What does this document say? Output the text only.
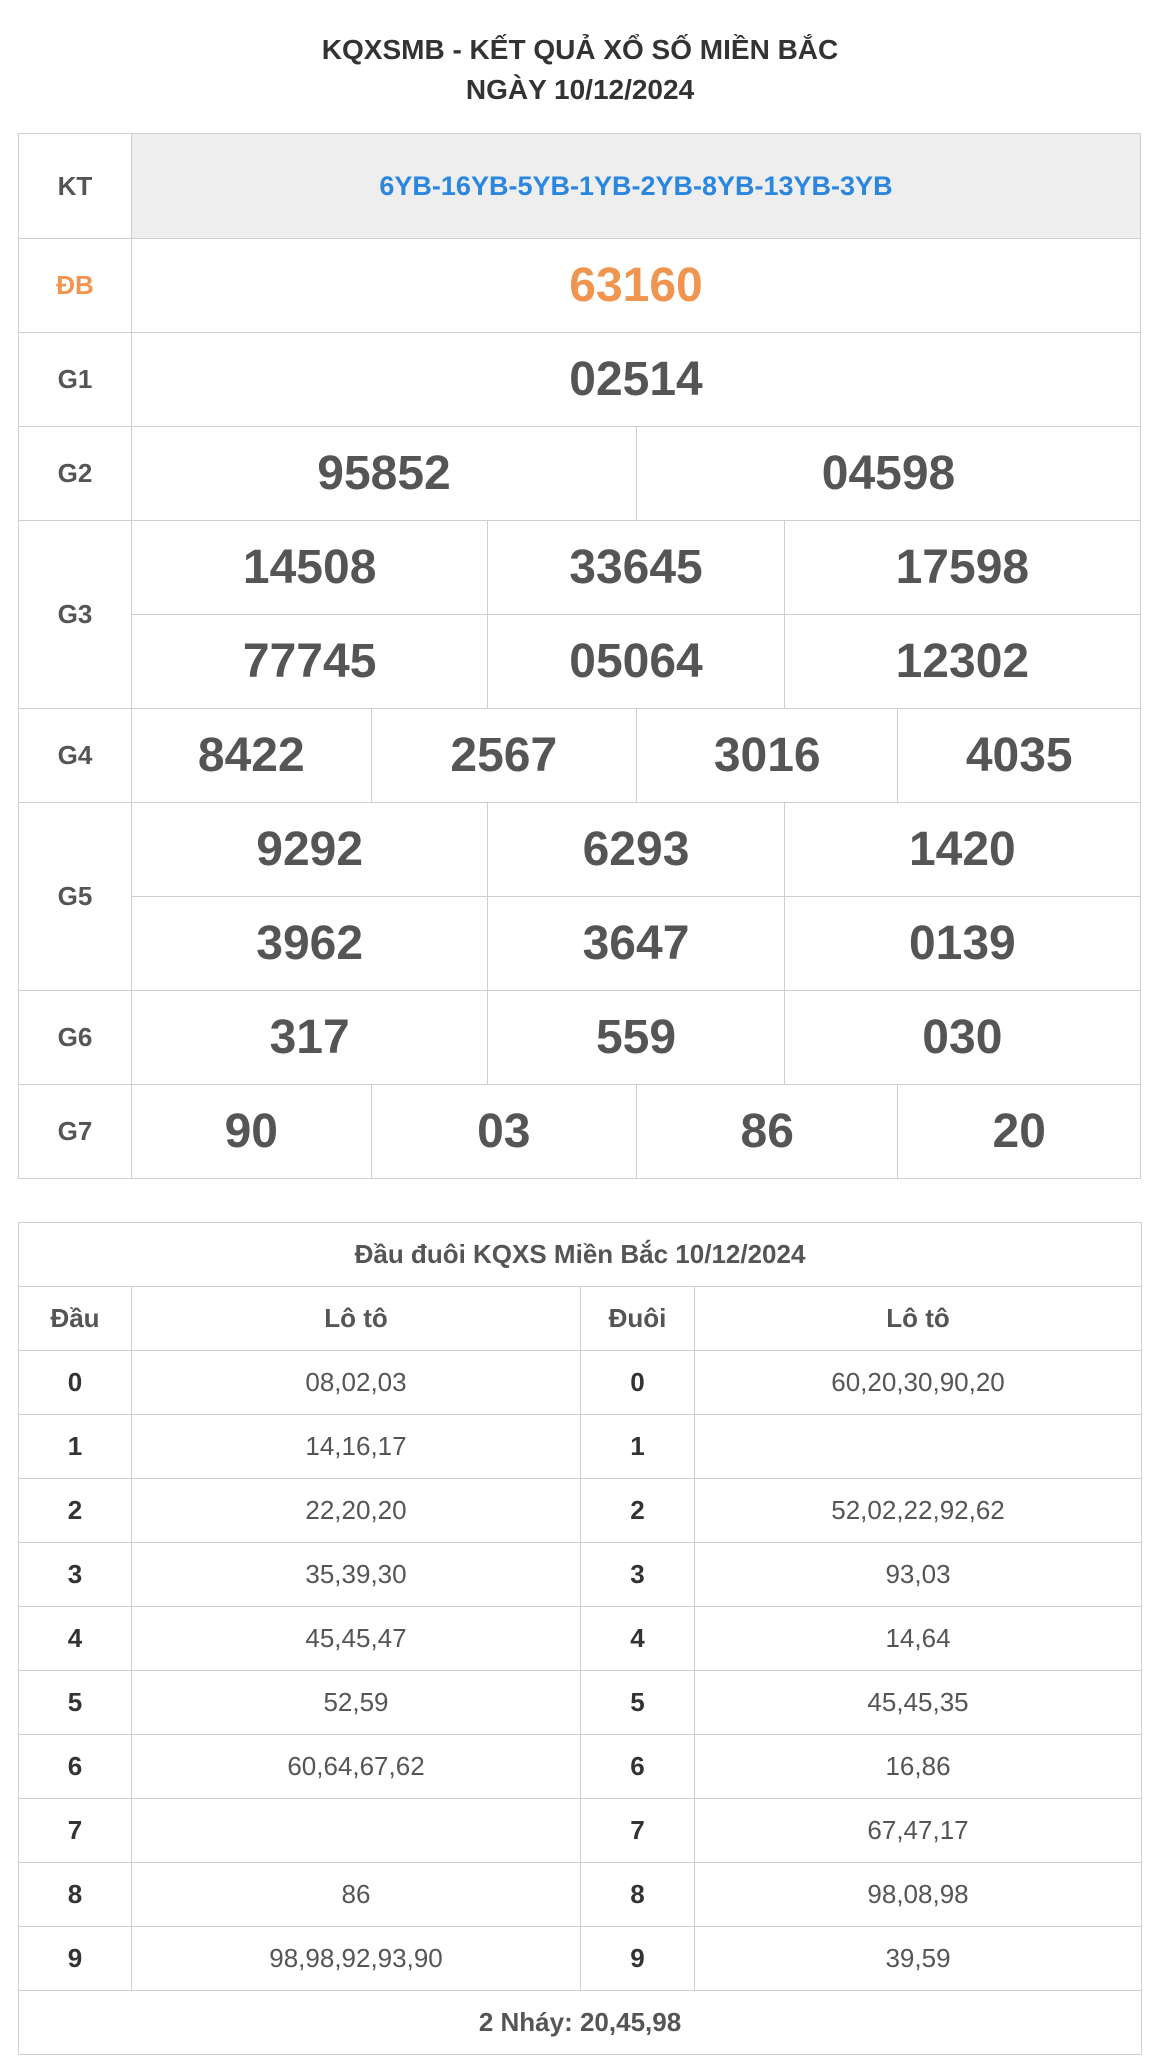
KQXSMB - KẾT QUẢ XỔ SỐ MIỀN BẮC
NGÀY 10/12/2024
KT	6YB-16YB-5YB-1YB-2YB-8YB-13YB-3YB
ĐB	63160
G1	02514
G2	95852 04598

G3	14508 33645 17598

77745 05064 12302

G4	8422 2567 3016 4035

G5	9292 6293 1420

3962 3647 0139

G6	317 559 030

G7	90 03 86 20
Đầu đuôi KQXS Miền Bắc 10/12/2024			
Đầu	Lô tô	Đuôi	Lô tô
0	08,02,03	0	60,20,30,90,20
1	14,16,17	1	
2	22,20,20	2	52,02,22,92,62
3	35,39,30	3	93,03
4	45,45,47	4	14,64
5	52,59	5	45,45,35
6	60,64,67,62	6	16,86
7		7	67,47,17
8	86	8	98,08,98
9	98,98,92,93,90	9	39,59
2 Nháy: 20,45,98			
